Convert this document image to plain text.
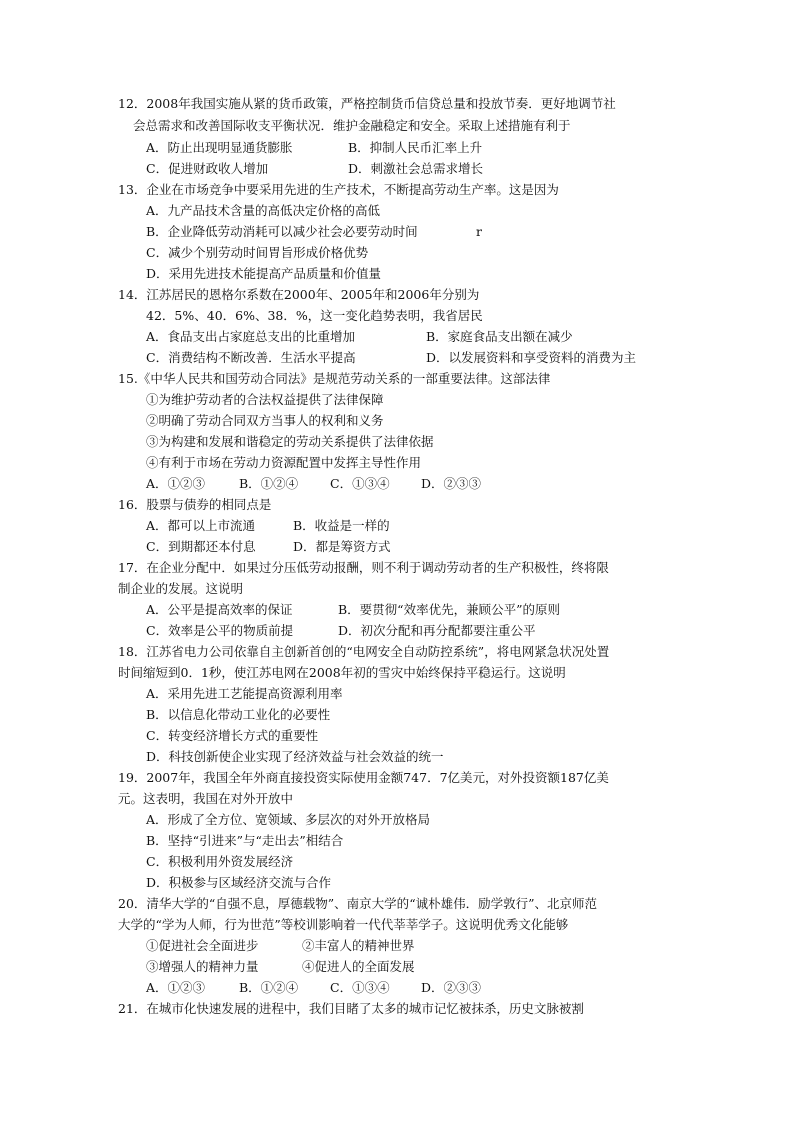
12．2008年我国实施从紧的货币政策，严格控制货币信贷总量和投放节奏．更好地调节社
会总需求和改善国际收支平衡状况．维护金融稳定和安全。采取上述措施有利于
A．防止出现明显通货膨胀	B．抑制人民币汇率上升
C．促进财政收人增加	D．刺激社会总需求增长
13．企业在市场竞争中要采用先进的生产技术，不断提高劳动生产率。这是因为
A．九产品技术含量的高低决定价格的高低
B．企业降低劳动消耗可以减少社会必要劳动时间	r
C．减少个别劳动时间胃旨形成价格优势
D．采用先进技术能提高产品质量和价值量
14．江苏居民的恩格尔系数在2000年、2005年和2006年分别为
42．5%、40．6%、38．%，这一变化趋势表明，我省居民
A．食品支出占家庭总支出的比重增加	B．家庭食品支出额在减少
C．消费结构不断改善．生活水平提高	D．以发展资料和享受资料的消费为主
15.《中华人民共和国劳动合同法》是规范劳动关系的一部重要法律。这部法律
①为维护劳动者的合法权益提供了法律保障
②明确了劳动合同双方当事人的权利和义务
③为构建和发展和谐稳定的劳动关系提供了法律依据
④有利于市场在劳动力资源配置中发挥主导性作用
A．①②③	B．①②④	C．①③④	D．②③③
16．股票与债券的相同点是
A．都可以上市流通	B．收益是一样的
C．到期都还本付息	D．都是筹资方式
17．在企业分配中．如果过分压低劳动报酬，则不利于调动劳动者的生产积极性，终将限
制企业的发展。这说明
A．公平是提高效率的保证	B．要贯彻“效率优先，兼顾公平”的原则
C．效率是公平的物质前提	D．初次分配和再分配都要注重公平
18．江苏省电力公司依靠自主创新首创的“电网安全自动防控系统”，将电网紧急状况处置
时间缩短到0．1秒，使江苏电网在2008年初的雪灾中始终保持平稳运行。这说明
A．采用先进工艺能提高资源利用率
B．以信息化带动工业化的必要性
C．转变经济增长方式的重要性
D．科技创新使企业实现了经济效益与社会效益的统一
19．2007年，我国全年外商直接投资实际使用金额747．7亿美元，对外投资额187亿美
元。这表明，我国在对外开放中
A．形成了全方位、宽领域、多层次的对外开放格局
B．坚持“引进来”与“走出去”相结合
C．积极利用外资发展经济
D．积极参与区域经济交流与合作
20．清华大学的“自强不息，厚德载物”、南京大学的“诚朴雄伟．励学敦行”、北京师范
大学的“学为人师，行为世范”等校训影响着一代代莘莘学子。这说明优秀文化能够
①促进社会全面进步	②丰富人的精神世界
③增强人的精神力量	④促进人的全面发展
A．①②③	B．①②④	C．①③④	D．②③③
21．在城市化快速发展的进程中，我们目睹了太多的城市记忆被抹杀，历史文脉被割
